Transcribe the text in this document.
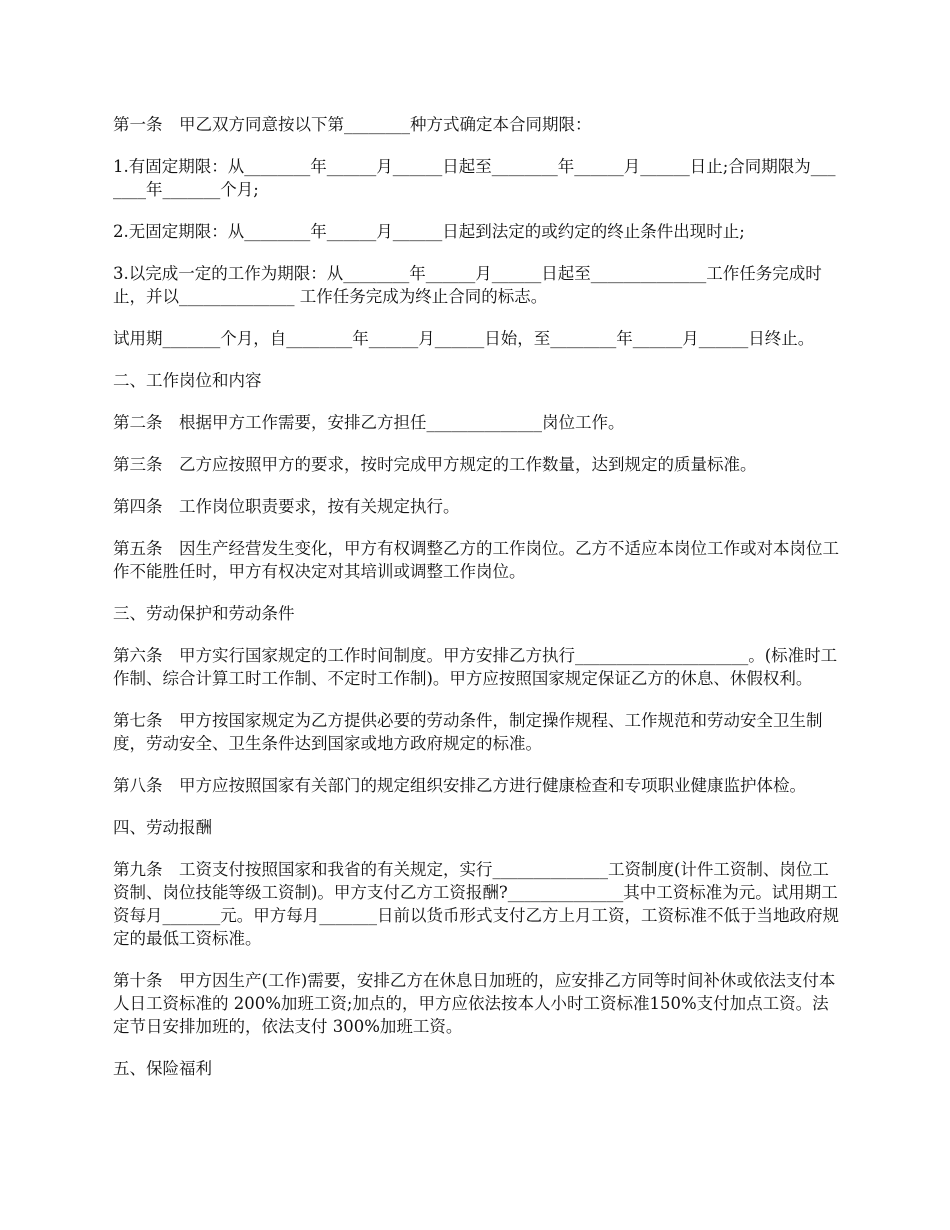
第一条　甲乙双方同意按以下第________种方式确定本合同期限：

1.有固定期限：从________年______月______日起至________年______月______日止;合同期限为_______年_______个月;

2.无固定期限：从________年______月______日起到法定的或约定的终止条件出现时止;

3.以完成一定的工作为期限：从________年______月______日起至______________工作任务完成时止，并以______________ 工作任务完成为终止合同的标志。

试用期_______个月，自________年______月______日始，至________年______月______日终止。

二、工作岗位和内容

第二条　根据甲方工作需要，安排乙方担任______________岗位工作。

第三条　乙方应按照甲方的要求，按时完成甲方规定的工作数量，达到规定的质量标准。

第四条　工作岗位职责要求，按有关规定执行。

第五条　因生产经营发生变化，甲方有权调整乙方的工作岗位。乙方不适应本岗位工作或对本岗位工作不能胜任时，甲方有权决定对其培训或调整工作岗位。

三、劳动保护和劳动条件

第六条　甲方实行国家规定的工作时间制度。甲方安排乙方执行_____________________。(标准时工作制、综合计算工时工作制、不定时工作制)。甲方应按照国家规定保证乙方的休息、休假权利。

第七条　甲方按国家规定为乙方提供必要的劳动条件，制定操作规程、工作规范和劳动安全卫生制度，劳动安全、卫生条件达到国家或地方政府规定的标准。

第八条　甲方应按照国家有关部门的规定组织安排乙方进行健康检查和专项职业健康监护体检。

四、劳动报酬

第九条　工资支付按照国家和我省的有关规定，实行______________工资制度(计件工资制、岗位工资制、岗位技能等级工资制)。甲方支付乙方工资报酬?______________其中工资标准为元。试用期工资每月_______元。甲方每月_______日前以货币形式支付乙方上月工资，工资标准不低于当地政府规定的最低工资标准。

第十条　甲方因生产(工作)需要，安排乙方在休息日加班的，应安排乙方同等时间补休或依法支付本人日工资标准的 200%加班工资;加点的，甲方应依法按本人小时工资标准150%支付加点工资。法定节日安排加班的，依法支付 300%加班工资。

五、保险福利
